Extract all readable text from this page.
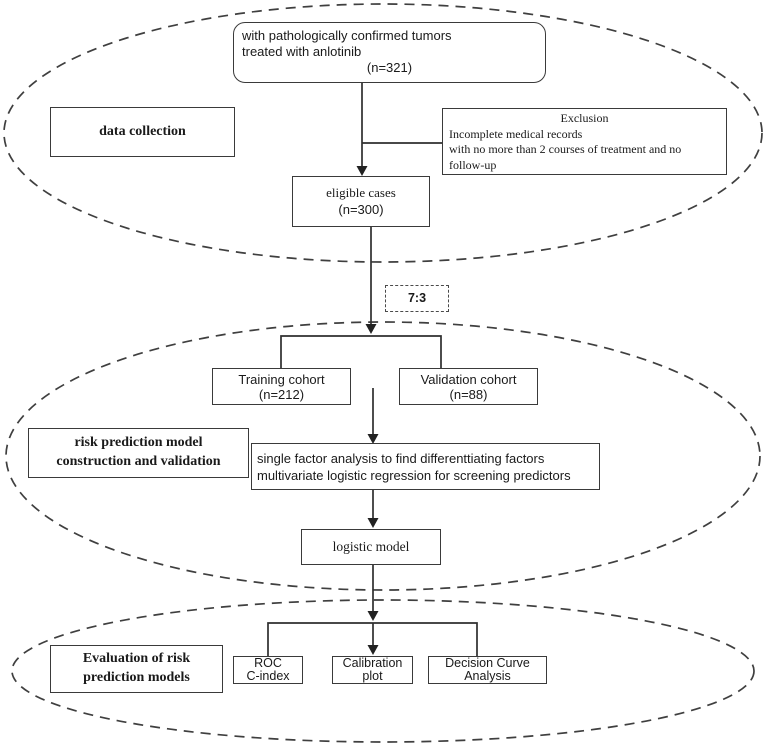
with pathologically confirmed tumors
treated with anlotinib
(n=321)
data collection
Exclusion
Incomplete medical records
with no more than 2 courses of treatment and no
follow-up
eligible cases
(n=300)
7:3
Training cohort
(n=212)
Validation cohort
(n=88)
risk prediction model
construction and validation	single factor analysis to find differenttiating factors
multivariate logistic regression for screening predictors
logistic model
Evaluation of risk
prediction models
ROC
C-index
Calibration
plot
Decision Curve
Analysis
